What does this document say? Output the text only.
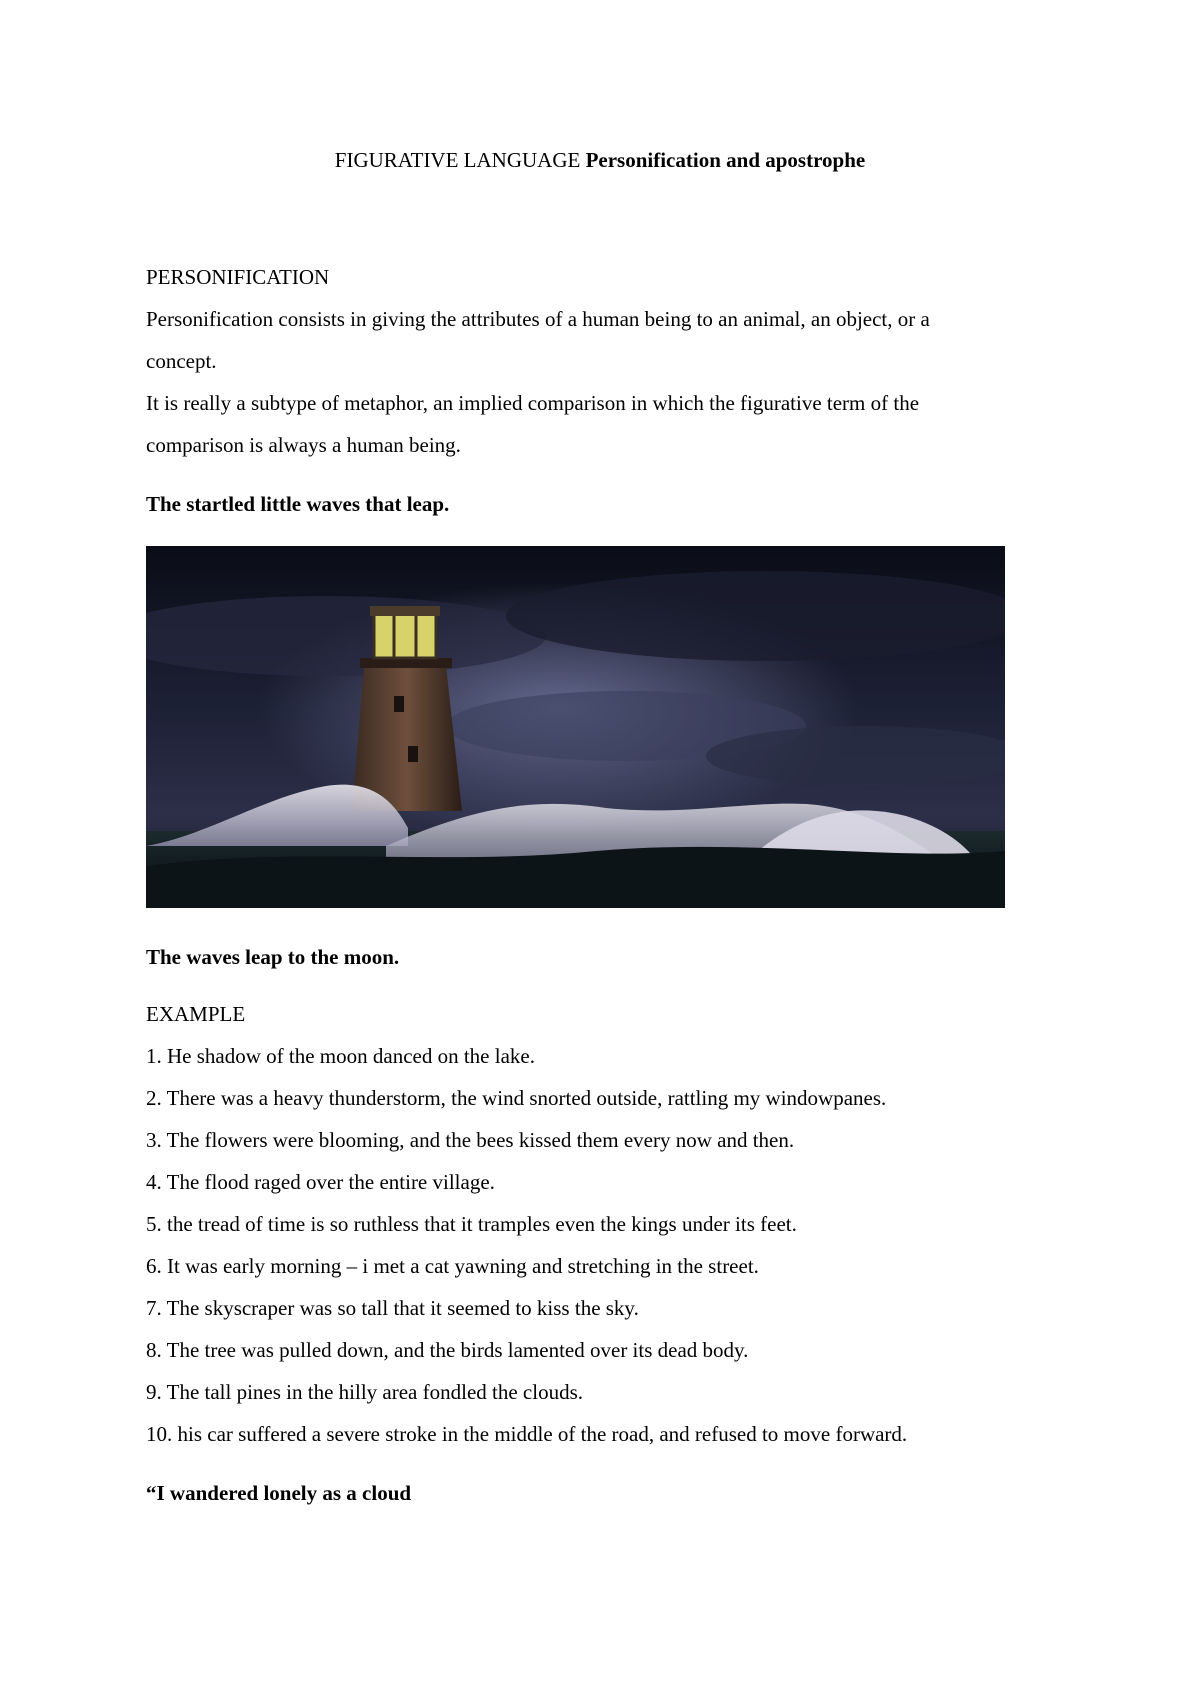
FIGURATIVE LANGUAGE Personification and apostrophe
PERSONIFICATION
Personification consists in giving the attributes of a human being to an animal, an object, or a
concept.
It is really a subtype of metaphor, an implied comparison in which the figurative term of the
comparison is always a human being.
The startled little waves that leap.
The waves leap to the moon.
EXAMPLE
1. He shadow of the moon danced on the lake.
2. There was a heavy thunderstorm, the wind snorted outside, rattling my windowpanes.
3. The flowers were blooming, and the bees kissed them every now and then.
4. The flood raged over the entire village.
5. the tread of time is so ruthless that it tramples even the kings under its feet.
6. It was early morning – i met a cat yawning and stretching in the street.
7. The skyscraper was so tall that it seemed to kiss the sky.
8. The tree was pulled down, and the birds lamented over its dead body.
9. The tall pines in the hilly area fondled the clouds.
10. his car suffered a severe stroke in the middle of the road, and refused to move forward.
“I wandered lonely as a cloud
